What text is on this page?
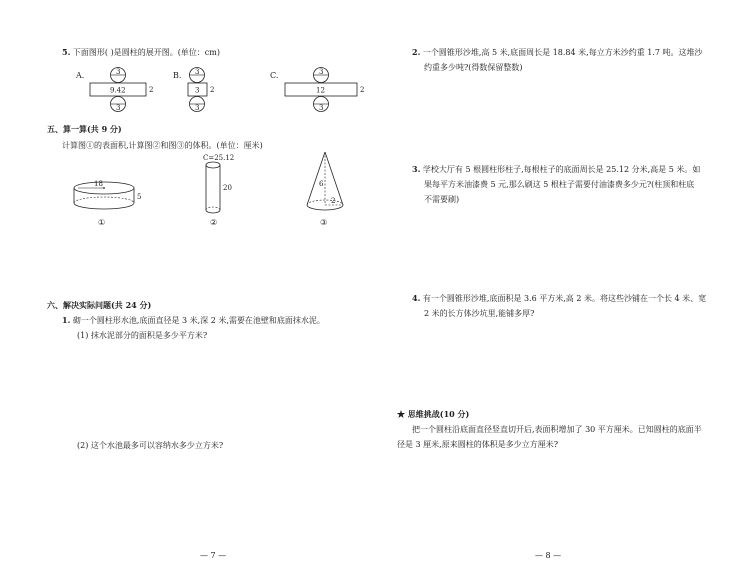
5. 下面图形( )是圆柱的展开图。(单位：cm)
A.	3
9.42	2
3
B. 3
3 2
3
C.	3
12	2
3
五、算一算(共 9 分)
计算图①的表面积,计算图②和图③的体积。(单位：厘米)
18
5
①
C=25.12
20
②
6
2
③
六、解决实际问题(共 24 分)
1. 砌一个圆柱形水池,底面直径是 3 米,深 2 米,需要在池壁和底面抹水泥。
(1) 抹水泥部分的面积是多少平方米?
(2) 这个水池最多可以容纳水多少立方米?
— 7 —
2. 一个圆锥形沙堆,高 5 米,底面周长是 18.84 米,每立方米沙约重 1.7 吨。这堆沙
约重多少吨?(得数保留整数)
3. 学校大厅有 5 根圆柱形柱子,每根柱子的底面周长是 25.12 分米,高是 5 米。如
果每平方米油漆费 5 元,那么刷这 5 根柱子需要付油漆费多少元?(柱顶和柱底
不需要刷)
4. 有一个圆锥形沙堆,底面积是 3.6 平方米,高 2 米。将这些沙铺在一个长 4 米、宽
2 米的长方体沙坑里,能铺多厚?
★ 思维挑战(10 分)
把一个圆柱沿底面直径竖直切开后,表面积增加了 30 平方厘米。已知圆柱的底面半
径是 3 厘米,原来圆柱的体积是多少立方厘米?
— 8 —
